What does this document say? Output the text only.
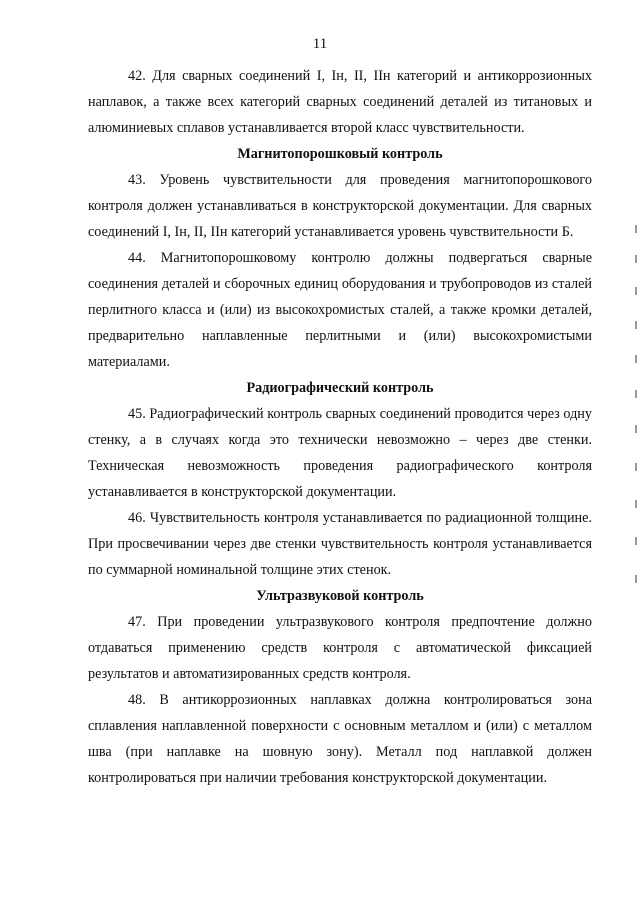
11

42. Для сварных соединений I, Iн, II, IIн категорий и антикоррозионных наплавок, а также всех категорий сварных соединений деталей из титановых и алюминиевых сплавов устанавливается второй класс чувствительности.

Магнитопорошковый контроль

43. Уровень чувствительности для проведения магнитопорошкового контроля должен устанавливаться в конструкторской документации. Для сварных соединений I, Iн, II, IIн категорий устанавливается уровень чувствительности Б.

44. Магнитопорошковому контролю должны подвергаться сварные соединения деталей и сборочных единиц оборудования и трубопроводов из сталей перлитного класса и (или) из высокохромистых сталей, а также кромки деталей, предварительно наплавленные перлитными и (или) высокохромистыми материалами.

Радиографический контроль

45. Радиографический контроль сварных соединений проводится через одну стенку, а в случаях когда это технически невозможно – через две стенки. Техническая невозможность проведения радиографического контроля устанавливается в конструкторской документации.

46. Чувствительность контроля устанавливается по радиационной толщине. При просвечивании через две стенки чувствительность контроля устанавливается по суммарной номинальной толщине этих стенок.

Ультразвуковой контроль

47. При проведении ультразвукового контроля предпочтение должно отдаваться применению средств контроля с автоматической фиксацией результатов и автоматизированных средств контроля.

48. В антикоррозионных наплавках должна контролироваться зона сплавления наплавленной поверхности с основным металлом и (или) с металлом шва (при наплавке на шовную зону). Металл под наплавкой должен контролироваться при наличии требования конструкторской документации.
